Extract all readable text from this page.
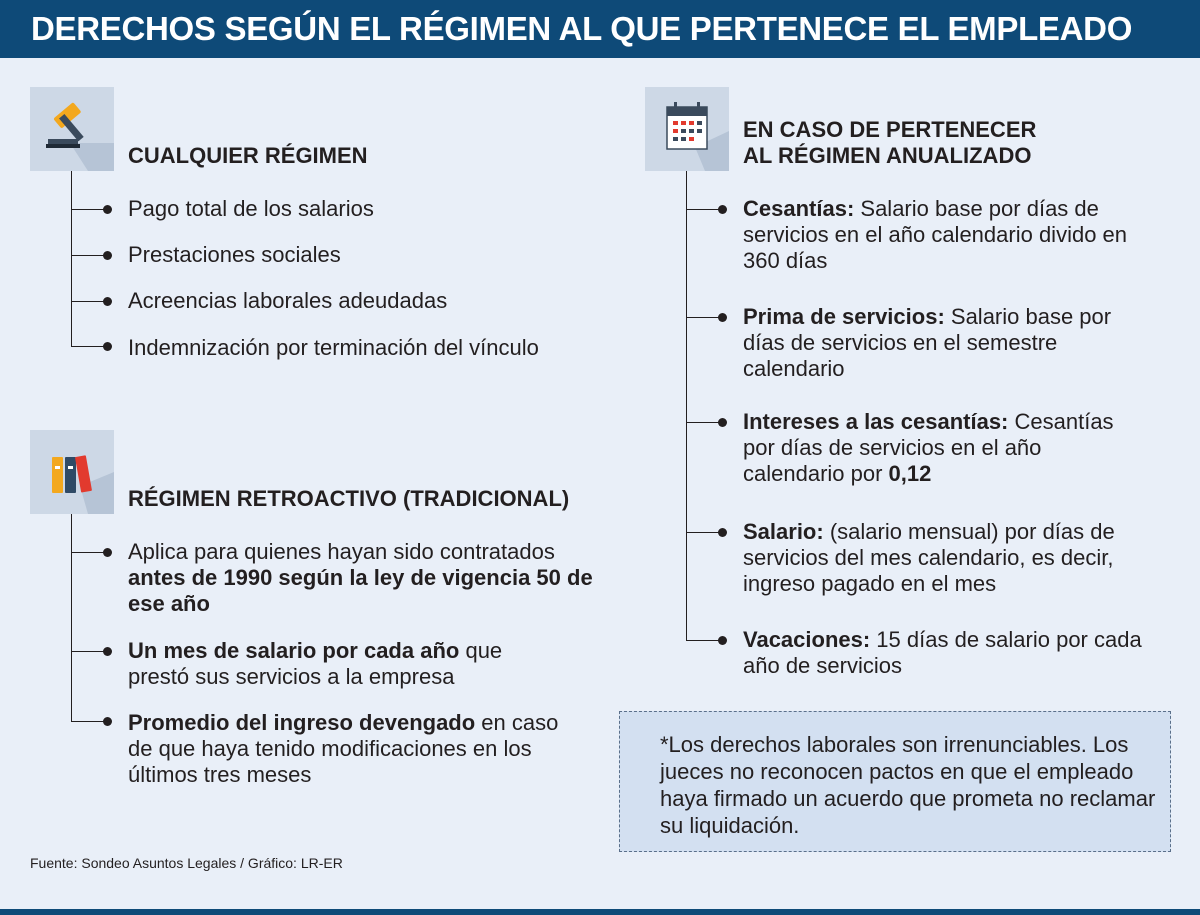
DERECHOS SEGÚN EL RÉGIMEN AL QUE PERTENECE EL EMPLEADO
CUALQUIER RÉGIMEN
Pago total de los salarios
Prestaciones sociales
Acreencias laborales adeudadas
Indemnización por terminación del vínculo
RÉGIMEN RETROACTIVO (TRADICIONAL)
Aplica para quienes hayan sido contratados
antes de 1990 según la ley de vigencia 50 de ese año
Un mes de salario por cada año que prestó sus servicios a la empresa
Promedio del ingreso devengado en caso de que haya tenido modificaciones en los últimos tres meses
EN CASO DE PERTENECER
AL RÉGIMEN ANUALIZADO
Cesantías: Salario base por días de servicios en el año calendario divido en 360 días
Prima de servicios: Salario base por días de servicios en el semestre calendario
Intereses a las cesantías: Cesantías por días de servicios en el año calendario por 0,12
Salario: (salario mensual) por días de servicios del mes calendario, es decir, ingreso pagado en el mes
Vacaciones: 15 días de salario por cada año de servicios
*Los derechos laborales son irrenunciables. Los jueces no reconocen pactos en que el empleado haya firmado un acuerdo que prometa no reclamar su liquidación.
Fuente: Sondeo Asuntos Legales / Gráfico: LR-ER
